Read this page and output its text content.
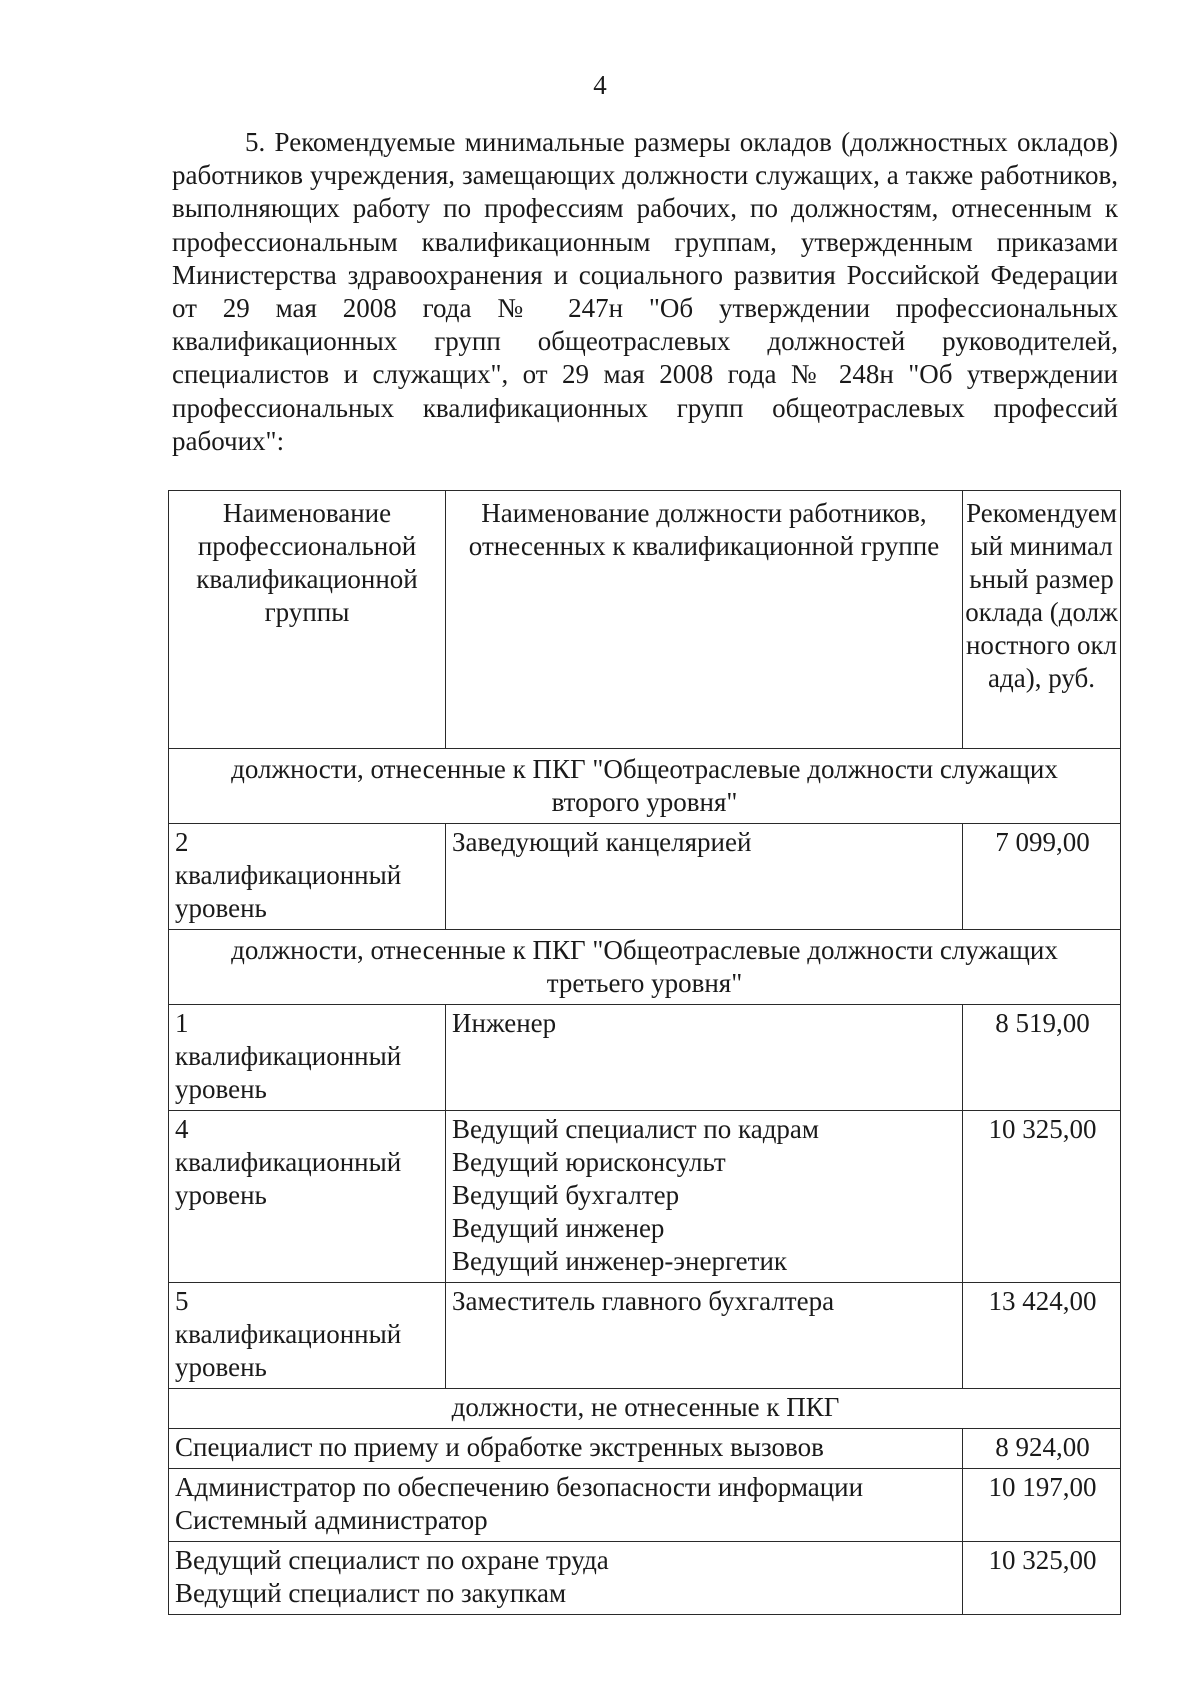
4
5. Рекомендуемые минимальные размеры окладов (должностных окладов) работников учреждения, замещающих должности служащих, а также работников, выполняющих работу по профессиям рабочих, по должностям, отнесенным к профессиональным квалификационным группам, утвержденным приказами Министерства здравоохранения и социального развития Российской Федерации от 29 мая 2008 года № 247н "Об утверждении профессиональных квалификационных групп общеотраслевых должностей руководителей, специалистов и служащих", от 29 мая 2008 года № 248н "Об утверждении профессиональных квалификационных групп общеотраслевых профессий рабочих":
Наименование профессиональной квалификационной группы	Наименование должности работников, отнесенных к квалификационной группе	Рекомендуемый минимальный размер оклада (должностного оклада), руб.
должности, отнесенные к ПКГ "Общеотраслевые должности служащих второго уровня"		
2 квалификационный уровень	Заведующий канцелярией	7 099,00
должности, отнесенные к ПКГ "Общеотраслевые должности служащих третьего уровня"		
1 квалификационный уровень	Инженер	8 519,00
4 квалификационный уровень	Ведущий специалист по кадрам
Ведущий юрисконсульт
Ведущий бухгалтер
Ведущий инженер
Ведущий инженер-энергетик	10 325,00
5 квалификационный уровень	Заместитель главного бухгалтера	13 424,00
должности, не отнесенные к ПКГ		

Специалист по приему и обработке экстренных вызовов		8 924,00

Администратор по обеспечению безопасности информации
Системный администратор		10 197,00

Ведущий специалист по охране труда
Ведущий специалист по закупкам		10 325,00
